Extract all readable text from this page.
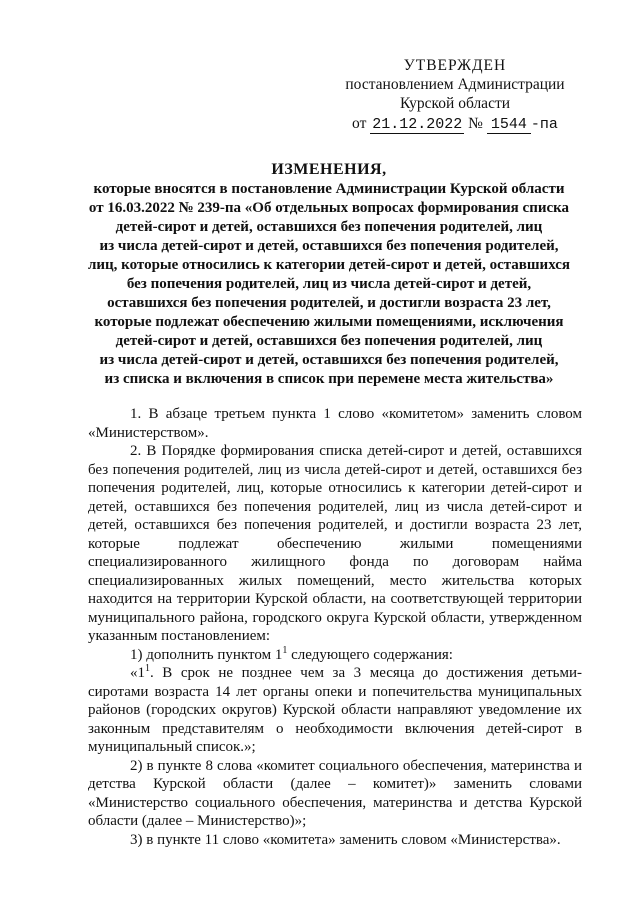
УТВЕРЖДЕН
постановлением Администрации
Курской области
от 21.12.2022 № 1544 -па
ИЗМЕНЕНИЯ,
которые вносятся в постановление Администрации Курской области
от 16.03.2022 № 239-па «Об отдельных вопросах формирования списка
детей-сирот и детей, оставшихся без попечения родителей, лиц
из числа детей-сирот и детей, оставшихся без попечения родителей,
лиц, которые относились к категории детей-сирот и детей, оставшихся
без попечения родителей, лиц из числа детей-сирот и детей,
оставшихся без попечения родителей, и достигли возраста 23 лет,
которые подлежат обеспечению жилыми помещениями, исключения
детей-сирот и детей, оставшихся без попечения родителей, лиц
из числа детей-сирот и детей, оставшихся без попечения родителей,
из списка и включения в список при перемене места жительства»

1. В абзаце третьем пункта 1 слово «комитетом» заменить словом «Министерством».

2. В Порядке формирования списка детей-сирот и детей, оставшихся без попечения родителей, лиц из числа детей-сирот и детей, оставшихся без попечения родителей, лиц, которые относились к категории детей-сирот и детей, оставшихся без попечения родителей, лиц из числа детей-сирот и детей, оставшихся без попечения родителей, и достигли возраста 23 лет, которые подлежат обеспечению жилыми помещениями специализированного жилищного фонда по договорам найма специализированных жилых помещений, место жительства которых находится на территории Курской области, на соответствующей территории муниципального района, городского округа Курской области, утвержденном указанным постановлением:

1) дополнить пунктом $1^1$ следующего содержания:

«$1^1$. В срок не позднее чем за 3 месяца до достижения детьми-сиротами возраста 14 лет органы опеки и попечительства муниципальных районов (городских округов) Курской области направляют уведомление их законным представителям о необходимости включения детей-сирот в муниципальный список.»;

2) в пункте 8 слова «комитет социального обеспечения, материнства и детства Курской области (далее – комитет)» заменить словами «Министерство социального обеспечения, материнства и детства Курской области (далее – Министерство)»;

3) в пункте 11 слово «комитета» заменить словом «Министерства».
